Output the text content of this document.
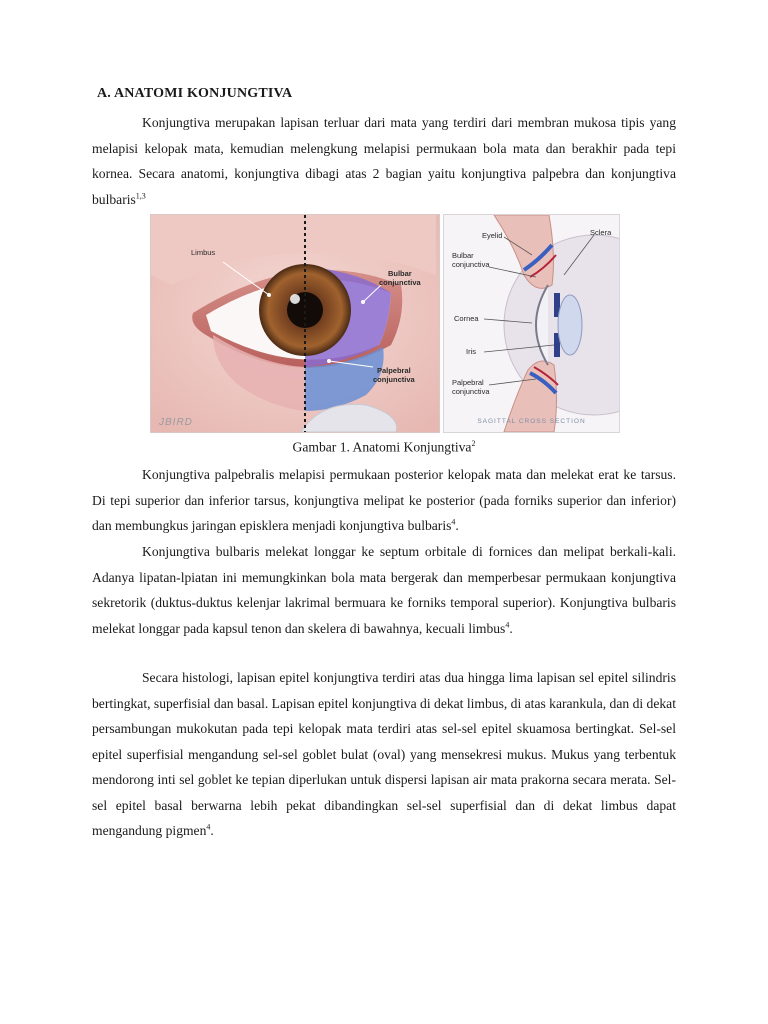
A. ANATOMI KONJUNGTIVA

Konjungtiva merupakan lapisan terluar dari mata yang terdiri dari membran mukosa tipis yang melapisi kelopak mata, kemudian melengkung melapisi permukaan bola mata dan berakhir pada tepi kornea. Secara anatomi, konjungtiva dibagi atas 2 bagian yaitu konjungtiva palpebra dan konjungtiva bulbaris$^{1,3}$

Limbus
Bulbar
conjunctiva
Palpebral
conjunctiva
JBIRD
Eyelid	Sclera
Bulbar
conjunctiva
Cornea
Iris
Palpebral
conjunctiva
SAGITTAL CROSS SECTION
Gambar 1. Anatomi Konjungtiva$^2$

Konjungtiva palpebralis melapisi permukaan posterior kelopak mata dan melekat erat ke tarsus. Di tepi superior dan inferior tarsus, konjungtiva melipat ke posterior (pada forniks superior dan inferior) dan membungkus jaringan episklera menjadi konjungtiva bulbaris$^4$.

Konjungtiva bulbaris melekat longgar ke septum orbitale di fornices dan melipat berkali-kali. Adanya lipatan-lpiatan ini memungkinkan bola mata bergerak dan memperbesar permukaan konjungtiva sekretorik (duktus-duktus kelenjar lakrimal bermuara ke forniks temporal superior). Konjungtiva bulbaris melekat longgar pada kapsul tenon dan skelera di bawahnya, kecuali limbus$^4$.

Secara histologi, lapisan epitel konjungtiva terdiri atas dua hingga lima lapisan sel epitel silindris bertingkat, superfisial dan basal. Lapisan epitel konjungtiva di dekat limbus, di atas karankula, dan di dekat persambungan mukokutan pada tepi kelopak mata terdiri atas sel-sel epitel skuamosa bertingkat. Sel-sel epitel superfisial mengandung sel-sel goblet bulat (oval) yang mensekresi mukus. Mukus yang terbentuk mendorong inti sel goblet ke tepian diperlukan untuk dispersi lapisan air mata prakorna secara merata. Sel-sel epitel basal berwarna lebih pekat dibandingkan sel-sel superfisial dan di dekat limbus dapat mengandung pigmen$^4$.
